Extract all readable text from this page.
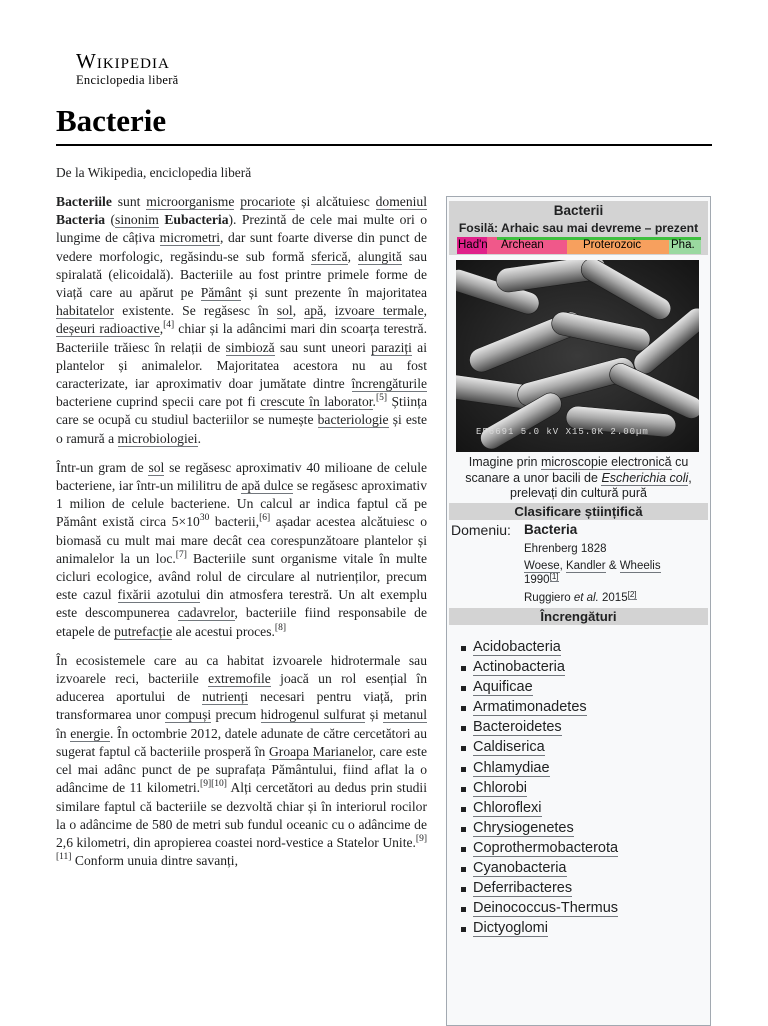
Wikipedia
Enciclopedia liberă
Bacterie
De la Wikipedia, enciclopedia liberă

Bacteriile sunt microorganisme procariote și alcătuiesc domeniul Bacteria (sinonim Eubacteria). Prezintă de cele mai multe ori o lungime de câțiva micrometri, dar sunt foarte diverse din punct de vedere morfologic, regăsindu-se sub formă sferică, alungită sau spiralată (elicoidală). Bacteriile au fost printre primele forme de viață care au apărut pe Pământ și sunt prezente în majoritatea habitatelor existente. Se regăsesc în sol, apă, izvoare termale, deșeuri radioactive,[4] chiar și la adâncimi mari din scoarța terestră. Bacteriile trăiesc în relații de simbioză sau sunt uneori paraziți ai plantelor și animalelor. Majoritatea acestora nu au fost caracterizate, iar aproximativ doar jumătate dintre încrengăturile bacteriene cuprind specii care pot fi crescute în laborator.[5] Știința care se ocupă cu studiul bacteriilor se numește bacteriologie și este o ramură a microbiologiei.

Într-un gram de sol se regăsesc aproximativ 40 milioane de celule bacteriene, iar într-un mililitru de apă dulce se regăsesc aproximativ 1 milion de celule bacteriene. Un calcul ar indica faptul că pe Pământ există circa $5\times 10^{30}$ bacterii,[6] așadar acestea alcătuiesc o biomasă cu mult mai mare decât cea corespunzătoare plantelor și animalelor la un loc.[7] Bacteriile sunt organisme vitale în multe cicluri ecologice, având rolul de circulare al nutrienților, precum este cazul fixării azotului din atmosfera terestră. Un alt exemplu este descompunerea cadavrelor, bacteriile fiind responsabile de etapele de putrefacție ale acestui proces.[8]

În ecosistemele care au ca habitat izvoarele hidrotermale sau izvoarele reci, bacteriile extremofile joacă un rol esențial în aducerea aportului de nutrienți necesari pentru viață, prin transformarea unor compuși precum hidrogenul sulfurat și metanul în energie. În octombrie 2012, datele adunate de către cercetători au sugerat faptul că bacteriile prosperă în Groapa Marianelor, care este cel mai adânc punct de pe suprafața Pământului, fiind aflat la o adâncime de 11 kilometri.[9][10] Alți cercetători au dedus prin studii similare faptul că bacteriile se dezvoltă chiar și în interiorul rocilor la o adâncime de 580 de metri sub fundul oceanic cu o adâncime de 2,6 kilometri, din apropierea coastei nord-vestice a Statelor Unite.[9][11] Conform unuia dintre savanți,

Bacterii
Fosilă: Arhaic sau mai devreme – prezent
Had'n Archean	Proterozoic	Pha.
EF6691 5.0 kV X15.0K 2.00µm
Imagine prin microscopie electronică cu scanare a unor bacili de Escherichia coli, prelevați din cultură pură
Clasificare științifică
Domeniu: Bacteria
Ehrenberg 1828
Woese, Kandler & Wheelis
1990[1]
Ruggiero et al. 2015[2]
Încrengături
Acidobacteria
Actinobacteria
Aquificae
Armatimonadetes
Bacteroidetes
Caldiserica
Chlamydiae
Chlorobi
Chloroflexi
Chrysiogenetes
Coprothermobacterota
Cyanobacteria
Deferribacteres
Deinococcus-Thermus
Dictyoglomi
